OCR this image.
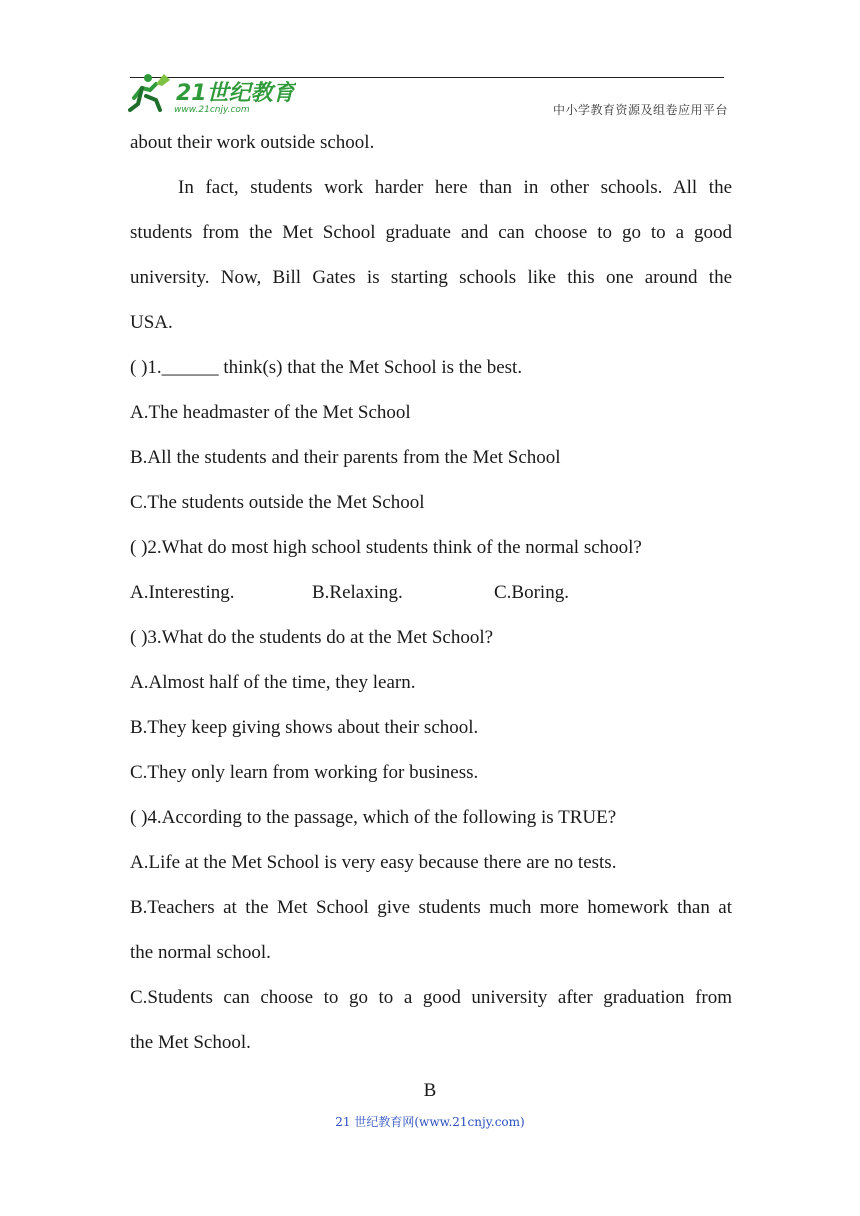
21世纪教育
www.21cnjy.com	中小学教育资源及组卷应用平台
about their work outside school.
In fact, students work harder here than in other schools. All the
students from the Met School graduate and can choose to go to a good
university. Now, Bill Gates is starting schools like this one around the
USA.
( )1.______ think(s) that the Met School is the best.
A.The headmaster of the Met School
B.All the students and their parents from the Met School
C.The students outside the Met School
( )2.What do most high school students think of the normal school?
A.Interesting.	B.Relaxing.	C.Boring.
( )3.What do the students do at the Met School?
A.Almost half of the time, they learn.
B.They keep giving shows about their school.
C.They only learn from working for business.
( )4.According to the passage, which of the following is TRUE?
A.Life at the Met School is very easy because there are no tests.
B.Teachers at the Met School give students much more homework than at
the normal school.
C.Students can choose to go to a good university after graduation from
the Met School.
B
21 世纪教育网(www.21cnjy.com)
